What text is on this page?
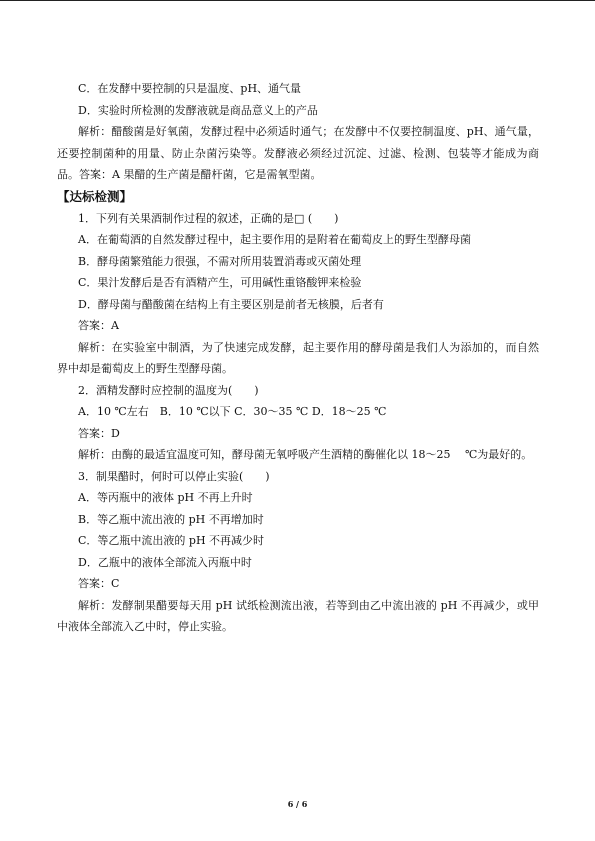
C．在发酵中要控制的只是温度、pH、通气量

D．实验时所检测的发酵液就是商品意义上的产品

解析：醋酸菌是好氧菌，发酵过程中必须适时通气；在发酵中不仅要控制温度、pH、通气量，还要控制菌种的用量、防止杂菌污染等。发酵液必须经过沉淀、过滤、检测、包装等才能成为商品。答案：A 果醋的生产菌是醋杆菌，它是需氧型菌。

【达标检测】

1．下列有关果酒制作过程的叙述，正确的是□ (　　)

A．在葡萄酒的自然发酵过程中，起主要作用的是附着在葡萄皮上的野生型酵母菌

B．酵母菌繁殖能力很强，不需对所用装置消毒或灭菌处理

C．果汁发酵后是否有酒精产生，可用碱性重铬酸钾来检验

D．酵母菌与醋酸菌在结构上有主要区别是前者无核膜，后者有

答案：A

解析：在实验室中制酒，为了快速完成发酵，起主要作用的酵母菌是我们人为添加的，而自然界中却是葡萄皮上的野生型酵母菌。

2．酒精发酵时应控制的温度为(　　)

A．10 ℃左右　B．10 ℃以下 C．30～35 ℃ D．18～25 ℃

答案：D

解析：由酶的最适宜温度可知，酵母菌无氧呼吸产生酒精的酶催化以 18～25　 ℃为最好的。

3．制果醋时，何时可以停止实验(　　)

A．等丙瓶中的液体 pH 不再上升时

B．等乙瓶中流出液的 pH 不再增加时

C．等乙瓶中流出液的 pH 不再减少时

D．乙瓶中的液体全部流入丙瓶中时

答案：C

解析：发酵制果醋要每天用 pH 试纸检测流出液，若等到由乙中流出液的 pH 不再减少，或甲中液体全部流入乙中时，停止实验。

6 / 6
